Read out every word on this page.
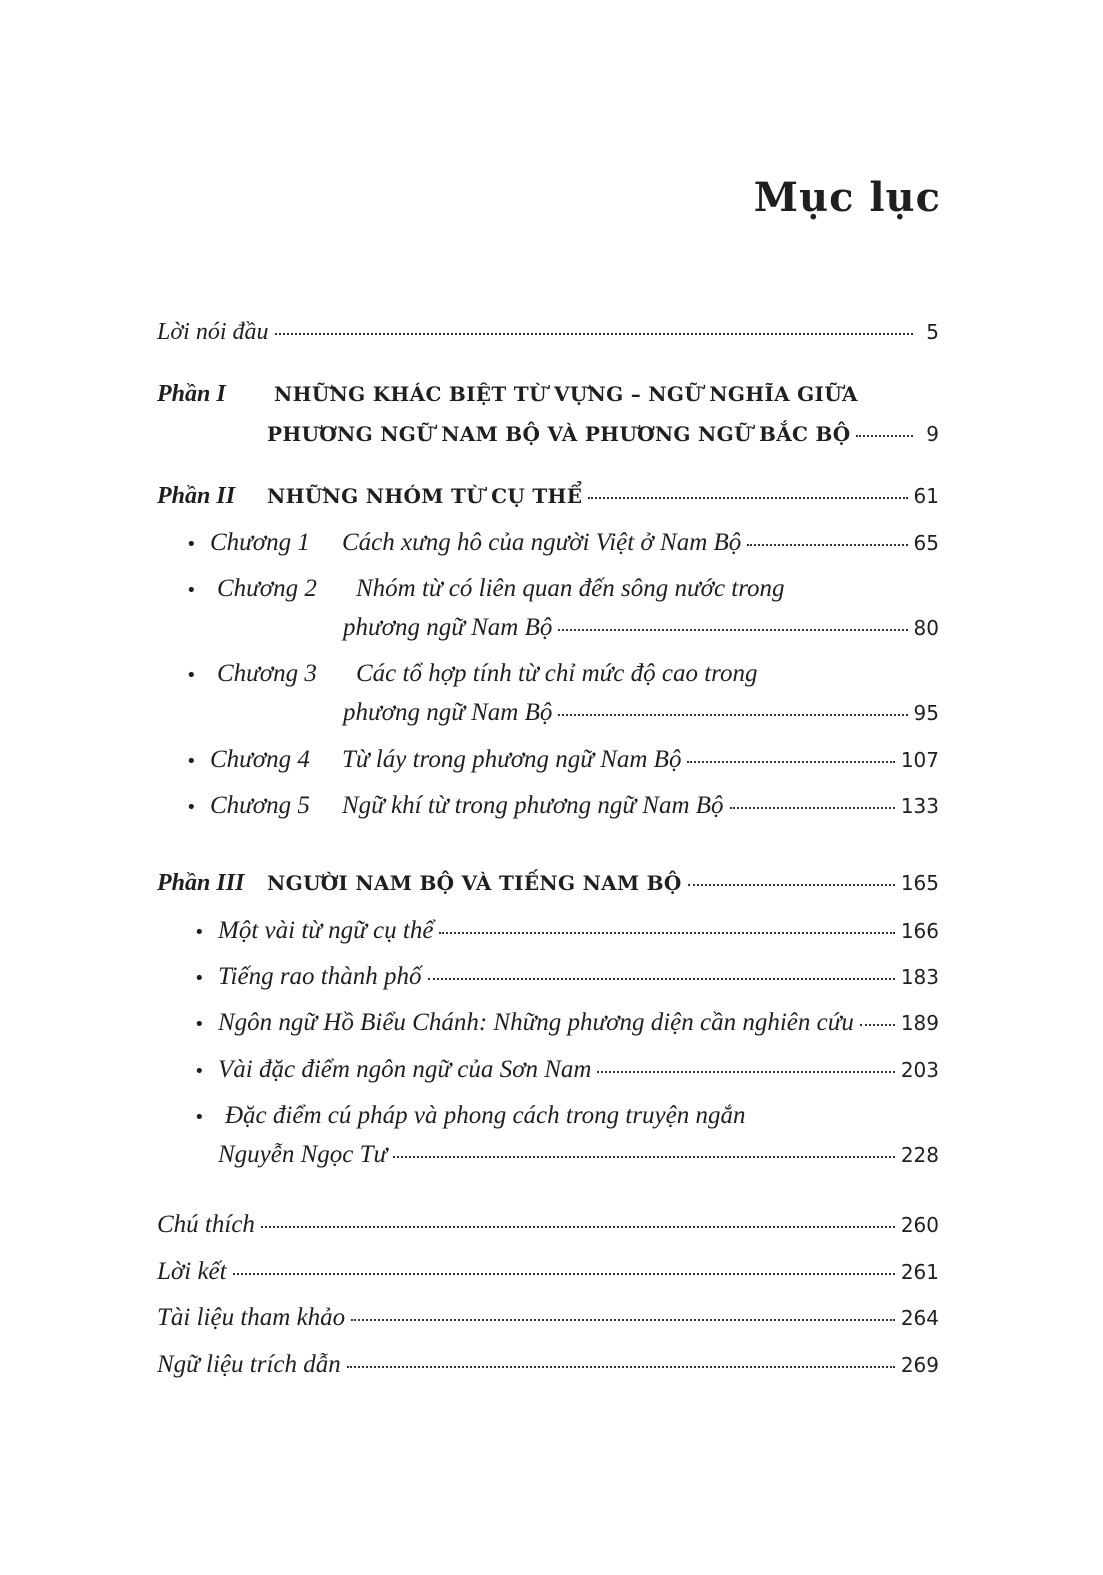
Mục lục
Lời nói đầu	5
Phần I NHỮNG KHÁC BIỆT TỪ VỰNG – NGỮ NGHĨA GIỮA
PHƯƠNG NGỮ NAM BỘ VÀ PHƯƠNG NGỮ BẮC BỘ	9
Phần II	NHỮNG NHÓM TỪ CỤ THỂ	61
• Chương 1	Cách xưng hô của người Việt ở Nam Bộ	65
• Chương 2 Nhóm từ có liên quan đến sông nước trong
phương ngữ Nam Bộ	80
• Chương 3 Các tổ hợp tính từ chỉ mức độ cao trong
phương ngữ Nam Bộ	95
• Chương 4	Từ láy trong phương ngữ Nam Bộ	107
• Chương 5	Ngữ khí từ trong phương ngữ Nam Bộ	133
Phần III	NGƯỜI NAM BỘ VÀ TIẾNG NAM BỘ	165
• Một vài từ ngữ cụ thể	166
• Tiếng rao thành phố	183
• Ngôn ngữ Hồ Biểu Chánh: Những phương diện cần nghiên cứu 189
• Vài đặc điểm ngôn ngữ của Sơn Nam	203
• Đặc điểm cú pháp và phong cách trong truyện ngắn
Nguyễn Ngọc Tư	228
Chú thích	260
Lời kết	261
Tài liệu tham khảo	264
Ngữ liệu trích dẫn	269
